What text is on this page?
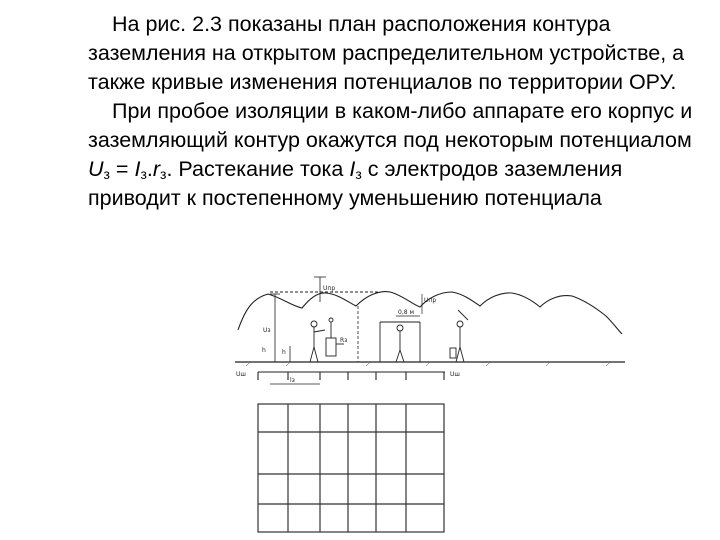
На рис. 2.3 показаны план расположения контура заземления на открытом распределительном устройстве, а также кривые изменения потенциалов по территории ОРУ.

При пробое изоляции в каком-либо аппарате его корпус и заземляющий контур окажутся под некоторым потенциалом $U_з = I_з.r_з$. Растекание тока $I_з$ с электродов заземления приводит к постепенному уменьшению потенциала

Uз
Uпр
Rз
h
0,8 м
Uпр
lз
Uш	Uш
h
